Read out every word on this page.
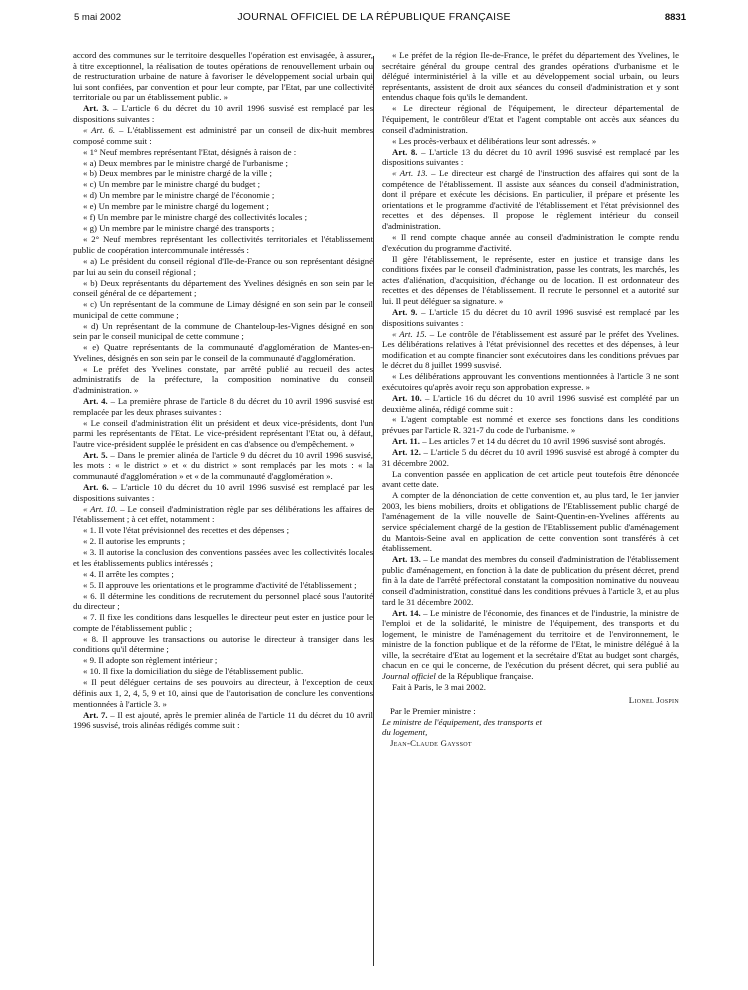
5 mai 2002	JOURNAL OFFICIEL DE LA RÉPUBLIQUE FRANÇAISE	8831

accord des communes sur le territoire desquelles l'opération est envisagée, à assurer, à titre exceptionnel, la réalisation de toutes opérations de renouvellement urbain ou de restructuration urbaine de nature à favoriser le développement social urbain qui lui sont confiées, par convention et pour leur compte, par l'Etat, par une collectivité territoriale ou par un établissement public. »

Art. 3. – L'article 6 du décret du 10 avril 1996 susvisé est remplacé par les dispositions suivantes :

« Art. 6. – L'établissement est administré par un conseil de dix-huit membres composé comme suit :

« 1° Neuf membres représentant l'Etat, désignés à raison de :

« a) Deux membres par le ministre chargé de l'urbanisme ;

« b) Deux membres par le ministre chargé de la ville ;

« c) Un membre par le ministre chargé du budget ;

« d) Un membre par le ministre chargé de l'économie ;

« e) Un membre par le ministre chargé du logement ;

« f) Un membre par le ministre chargé des collectivités locales ;

« g) Un membre par le ministre chargé des transports ;

« 2° Neuf membres représentant les collectivités territoriales et l'établissement public de coopération intercommunale intéressés :

« a) Le président du conseil régional d'Ile-de-France ou son représentant désigné par lui au sein du conseil régional ;

« b) Deux représentants du département des Yvelines désignés en son sein par le conseil général de ce département ;

« c) Un représentant de la commune de Limay désigné en son sein par le conseil municipal de cette commune ;

« d) Un représentant de la commune de Chanteloup-les-Vignes désigné en son sein par le conseil municipal de cette commune ;

« e) Quatre représentants de la communauté d'agglomération de Mantes-en-Yvelines, désignés en son sein par le conseil de la communauté d'agglomération.

« Le préfet des Yvelines constate, par arrêté publié au recueil des actes administratifs de la préfecture, la composition nominative du conseil d'administration. »

Art. 4. – La première phrase de l'article 8 du décret du 10 avril 1996 susvisé est remplacée par les deux phrases suivantes :

« Le conseil d'administration élit un président et deux vice-présidents, dont l'un parmi les représentants de l'Etat. Le vice-président représentant l'Etat ou, à défaut, l'autre vice-président supplée le président en cas d'absence ou d'empêchement. »

Art. 5. – Dans le premier alinéa de l'article 9 du décret du 10 avril 1996 susvisé, les mots : « le district » et « du district » sont remplacés par les mots : « la communauté d'agglomération » et « de la communauté d'agglomération ».

Art. 6. – L'article 10 du décret du 10 avril 1996 susvisé est remplacé par les dispositions suivantes :

« Art. 10. – Le conseil d'administration règle par ses délibérations les affaires de l'établissement ; à cet effet, notamment :

« 1. Il vote l'état prévisionnel des recettes et des dépenses ;

« 2. Il autorise les emprunts ;

« 3. Il autorise la conclusion des conventions passées avec les collectivités locales et les établissements publics intéressés ;

« 4. Il arrête les comptes ;

« 5. Il approuve les orientations et le programme d'activité de l'établissement ;

« 6. Il détermine les conditions de recrutement du personnel placé sous l'autorité du directeur ;

« 7. Il fixe les conditions dans lesquelles le directeur peut ester en justice pour le compte de l'établissement public ;

« 8. Il approuve les transactions ou autorise le directeur à transiger dans les conditions qu'il détermine ;

« 9. Il adopte son règlement intérieur ;

« 10. Il fixe la domiciliation du siège de l'établissement public.

« Il peut déléguer certains de ses pouvoirs au directeur, à l'exception de ceux définis aux 1, 2, 4, 5, 9 et 10, ainsi que de l'autorisation de conclure les conventions mentionnées à l'article 3. »

Art. 7. – Il est ajouté, après le premier alinéa de l'article 11 du décret du 10 avril 1996 susvisé, trois alinéas rédigés comme suit :

« Le préfet de la région Ile-de-France, le préfet du département des Yvelines, le secrétaire général du groupe central des grandes opérations d'urbanisme et le délégué interministériel à la ville et au développement social urbain, ou leurs représentants, assistent de droit aux séances du conseil d'administration et y sont entendus chaque fois qu'ils le demandent.

« Le directeur régional de l'équipement, le directeur départemental de l'équipement, le contrôleur d'Etat et l'agent comptable ont accès aux séances du conseil d'administration.

« Les procès-verbaux et délibérations leur sont adressés. »

Art. 8. – L'article 13 du décret du 10 avril 1996 susvisé est remplacé par les dispositions suivantes :

« Art. 13. – Le directeur est chargé de l'instruction des affaires qui sont de la compétence de l'établissement. Il assiste aux séances du conseil d'administration, dont il prépare et exécute les décisions. En particulier, il prépare et présente les orientations et le programme d'activité de l'établissement et l'état prévisionnel des recettes et des dépenses. Il propose le règlement intérieur du conseil d'administration.

« Il rend compte chaque année au conseil d'administration le compte rendu d'exécution du programme d'activité.

Il gère l'établissement, le représente, ester en justice et transige dans les conditions fixées par le conseil d'administration, passe les contrats, les marchés, les actes d'aliénation, d'acquisition, d'échange ou de location. Il est ordonnateur des recettes et des dépenses de l'établissement. Il recrute le personnel et a autorité sur lui. Il peut déléguer sa signature. »

Art. 9. – L'article 15 du décret du 10 avril 1996 susvisé est remplacé par les dispositions suivantes :

« Art. 15. – Le contrôle de l'établissement est assuré par le préfet des Yvelines. Les délibérations relatives à l'état prévisionnel des recettes et des dépenses, à leur modification et au compte financier sont exécutoires dans les conditions prévues par le décret du 8 juillet 1999 susvisé.

« Les délibérations approuvant les conventions mentionnées à l'article 3 ne sont exécutoires qu'après avoir reçu son approbation expresse. »

Art. 10. – L'article 16 du décret du 10 avril 1996 susvisé est complété par un deuxième alinéa, rédigé comme suit :

« L'agent comptable est nommé et exerce ses fonctions dans les conditions prévues par l'article R. 321-7 du code de l'urbanisme. »

Art. 11. – Les articles 7 et 14 du décret du 10 avril 1996 susvisé sont abrogés.

Art. 12. – L'article 5 du décret du 10 avril 1996 susvisé est abrogé à compter du 31 décembre 2002.

La convention passée en application de cet article peut toutefois être dénoncée avant cette date.

A compter de la dénonciation de cette convention et, au plus tard, le 1er janvier 2003, les biens mobiliers, droits et obligations de l'Etablissement public chargé de l'aménagement de la ville nouvelle de Saint-Quentin-en-Yvelines afférents au service spécialement chargé de la gestion de l'Etablissement public d'aménagement du Mantois-Seine aval en application de cette convention sont transférés à cet établissement.

Art. 13. – Le mandat des membres du conseil d'administration de l'établissement public d'aménagement, en fonction à la date de publication du présent décret, prend fin à la date de l'arrêté préfectoral constatant la composition nominative du nouveau conseil d'administration, constitué dans les conditions prévues à l'article 3, et au plus tard le 31 décembre 2002.

Art. 14. – Le ministre de l'économie, des finances et de l'industrie, la ministre de l'emploi et de la solidarité, le ministre de l'équipement, des transports et du logement, le ministre de l'aménagement du territoire et de l'environnement, le ministre de la fonction publique et de la réforme de l'Etat, le ministre délégué à la ville, la secrétaire d'Etat au logement et la secrétaire d'Etat au budget sont chargés, chacun en ce qui le concerne, de l'exécution du présent décret, qui sera publié au Journal officiel de la République française.

Fait à Paris, le 3 mai 2002.

Lionel Jospin

Par le Premier ministre :

Le ministre de l'équipement, des transports et du logement,

Jean-Claude Gayssot
